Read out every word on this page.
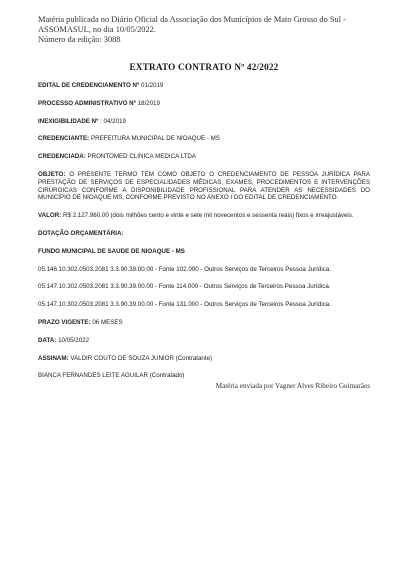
Matéria publicada no Diário Oficial da Associação dos Municípios de Mato Grosso do Sul -
ASSOMASUL, no dia 10/05/2022.
Número da edição: 3088
EXTRATO CONTRATO Nº 42/2022

EDITAL DE CREDENCIAMENTO Nº 01/2019

PROCESSO ADMINISTRATIVO Nº 18/2019

INEXIGIBILIDADE Nº : 04/2019

CREDENCIANTE: PREFEITURA MUNICIPAL DE NIOAQUE - MS

CREDENCIADA: PRONTOMED CLINICA MEDICA LTDA

OBJETO: O PRESENTE TERMO TEM COMO OBJETO O CREDENCIAMENTO DE PESSOA JURÍDICA PARA PRESTAÇÃO DE SERVIÇOS DE ESPECIALIDADES MÉDICAS, EXAMES, PROCEDIMENTOS E INTERVENÇÕES CIRÚRGICAS CONFORME A DISPONIBILIDADE PROFISSIONAL PARA ATENDER AS NECESSIDADES DO MUNICÍPIO DE NIOAQUE MS, CONFORME PREVISTO NO ANEXO I DO EDITAL DE CREDENCIAMENTO.

VALOR: R$ 2.127.960,00 (dois milhões cento e vinte e sete mil novecentos e sessenta reais) fixos e irreajustáveis.

DOTAÇÃO ORÇAMENTÁRIA:

FUNDO MUNICIPAL DE SAUDE DE NIOAQUE - MS

05.146.10.302.0503.2081 3.3.90.39.00.00 - Fonte 102.000 - Outros Serviços de Terceiros Pessoa Jurídica.

05.147.10.302.0503.2081 3.3.90.39.00.00 - Fonte 114.000 - Outros Serviços de Terceiros Pessoa Jurídica.

05.147.10.302.0503.2081 3.3.90.39.00.00 - Fonte 131.000 - Outros Serviços de Terceiros Pessoa Jurídica.

PRAZO VIGENTE: 06 MESES

DATA: 10/05/2022

ASSINAM: VALDIR COUTO DE SOUZA JUNIOR (Contratante)

BIANCA FERNANDES LEITE AGUILAR (Contratado)

Matéria enviada por Vagner Alves Ribeiro Guimarães
